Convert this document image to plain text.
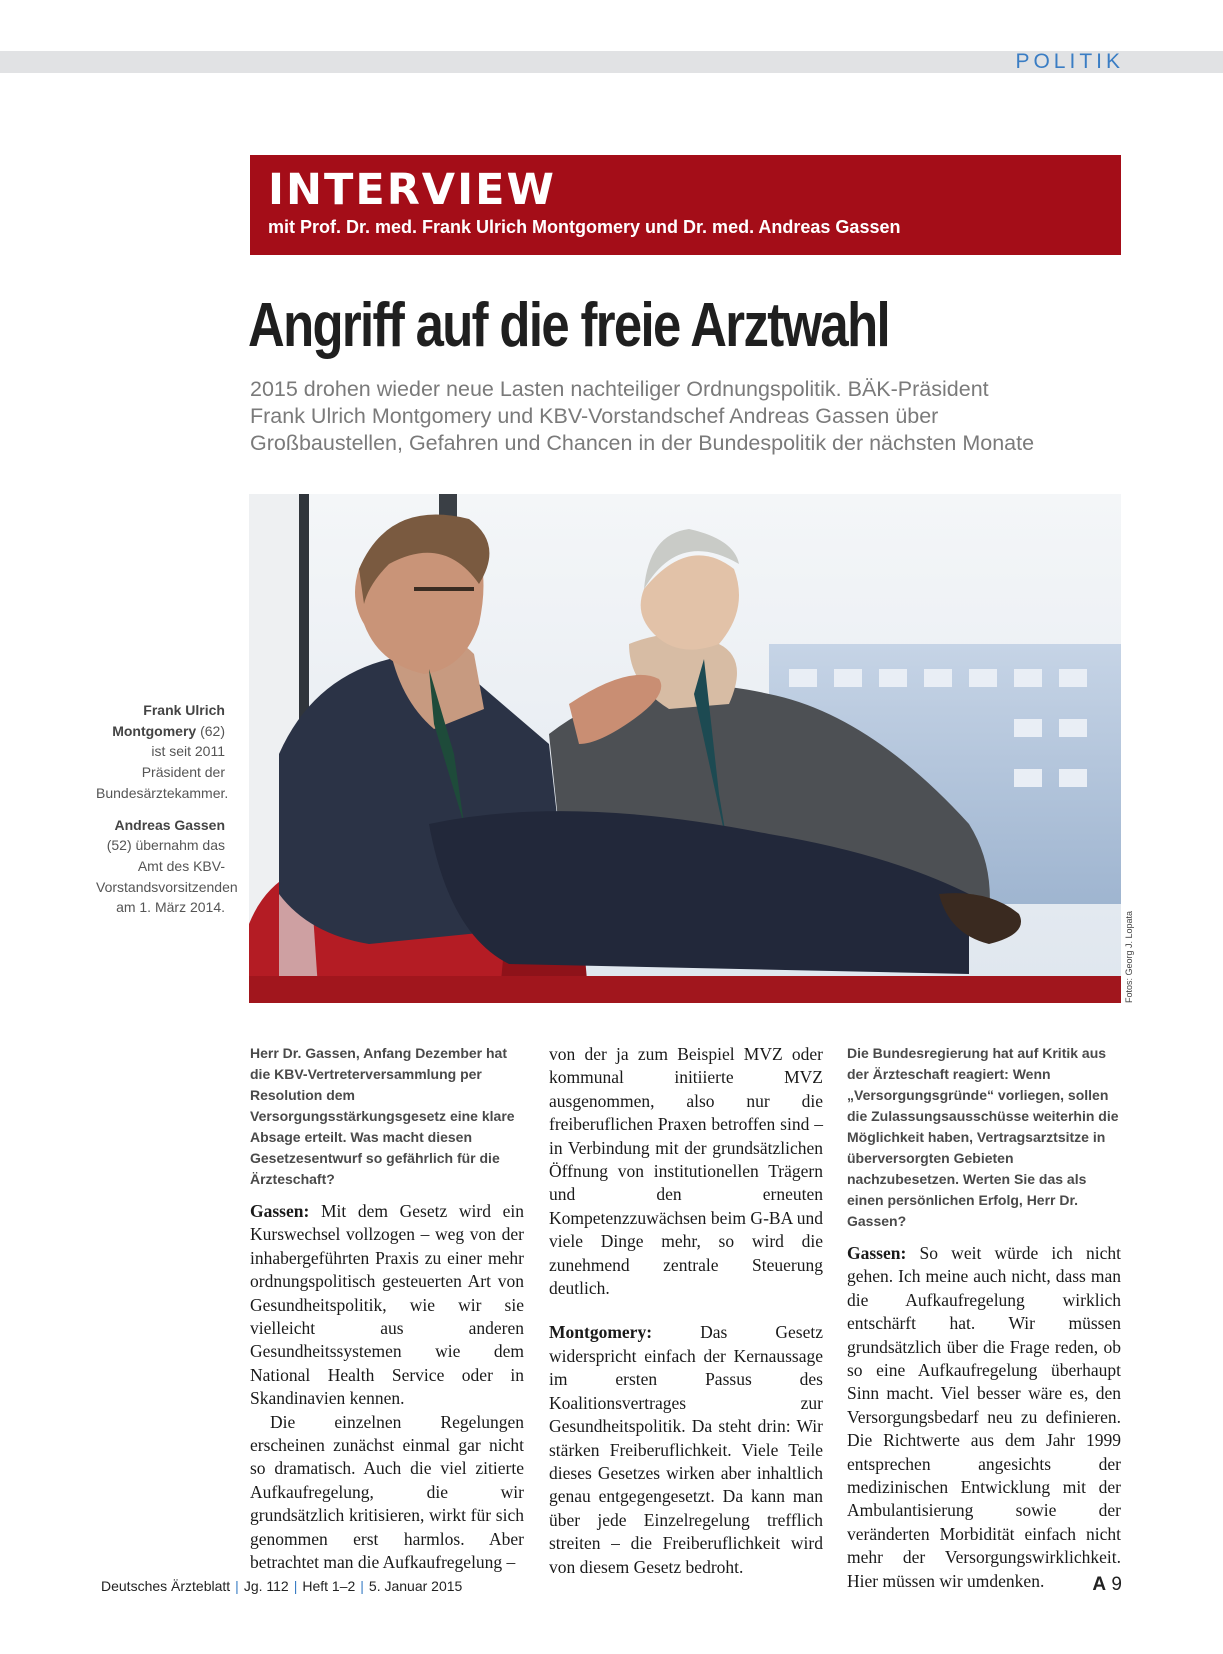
POLITIK
INTERVIEW
mit Prof. Dr. med. Frank Ulrich Montgomery und Dr. med. Andreas Gassen
Angriff auf die freie Arztwahl
2015 drohen wieder neue Lasten nachteiliger Ordnungspolitik. BÄK-Präsident
Frank Ulrich Montgomery und KBV-Vorstandschef Andreas Gassen über
Großbaustellen, Gefahren und Chancen in der Bundespolitik der nächsten Monate
Fotos: Georg J. Lopata

Frank Ulrich Montgomery (62) ist seit 2011 Präsident der Bundesärztekammer.

Andreas Gassen (52) übernahm das Amt des KBV-Vorstandsvorsitzenden am 1. März 2014.

Herr Dr. Gassen, Anfang Dezember hat die KBV-Vertreterversammlung per Resolution dem Versorgungsstärkungsgesetz eine klare Absage erteilt. Was macht diesen Gesetzesentwurf so gefährlich für die Ärzteschaft?

Gassen: Mit dem Gesetz wird ein Kurswechsel vollzogen – weg von der inhabergeführten Praxis zu einer mehr ordnungspolitisch gesteuerten Art von Gesundheitspolitik, wie wir sie vielleicht aus anderen Gesundheitssystemen wie dem National Health Service oder in Skandinavien kennen.

Die einzelnen Regelungen erscheinen zunächst einmal gar nicht so dramatisch. Auch die viel zitierte Aufkaufregelung, die wir grundsätzlich kritisieren, wirkt für sich genommen erst harmlos. Aber betrachtet man die Aufkaufregelung –

von der ja zum Beispiel MVZ oder kommunal initiierte MVZ ausgenommen, also nur die freiberuflichen Praxen betroffen sind – in Verbindung mit der grundsätzlichen Öffnung von institutionellen Trägern und den erneuten Kompetenzzuwächsen beim G-BA und viele Dinge mehr, so wird die zunehmend zentrale Steuerung deutlich.

Montgomery: Das Gesetz widerspricht einfach der Kernaussage im ersten Passus des Koalitionsvertrages zur Gesundheitspolitik. Da steht drin: Wir stärken Freiberuflichkeit. Viele Teile dieses Gesetzes wirken aber inhaltlich genau entgegengesetzt. Da kann man über jede Einzelregelung trefflich streiten – die Freiberuflichkeit wird von diesem Gesetz bedroht.

Die Bundesregierung hat auf Kritik aus der Ärzteschaft reagiert: Wenn „Versorgungsgründe“ vorliegen, sollen die Zulassungsausschüsse weiterhin die Möglichkeit haben, Vertragsarztsitze in überversorgten Gebieten nachzubesetzen. Werten Sie das als einen persönlichen Erfolg, Herr Dr. Gassen?

Gassen: So weit würde ich nicht gehen. Ich meine auch nicht, dass man die Aufkaufregelung wirklich entschärft hat. Wir müssen grundsätzlich über die Frage reden, ob so eine Aufkaufregelung überhaupt Sinn macht. Viel besser wäre es, den Versorgungsbedarf neu zu definieren. Die Richtwerte aus dem Jahr 1999 entsprechen angesichts der medizinischen Entwicklung mit der Ambulantisierung sowie der veränderten Morbidität einfach nicht mehr der Versorgungswirklichkeit. Hier müssen wir umdenken.

Deutsches Ärzteblatt | Jg. 112 | Heft 1–2 | 5. Januar 2015	A 9
